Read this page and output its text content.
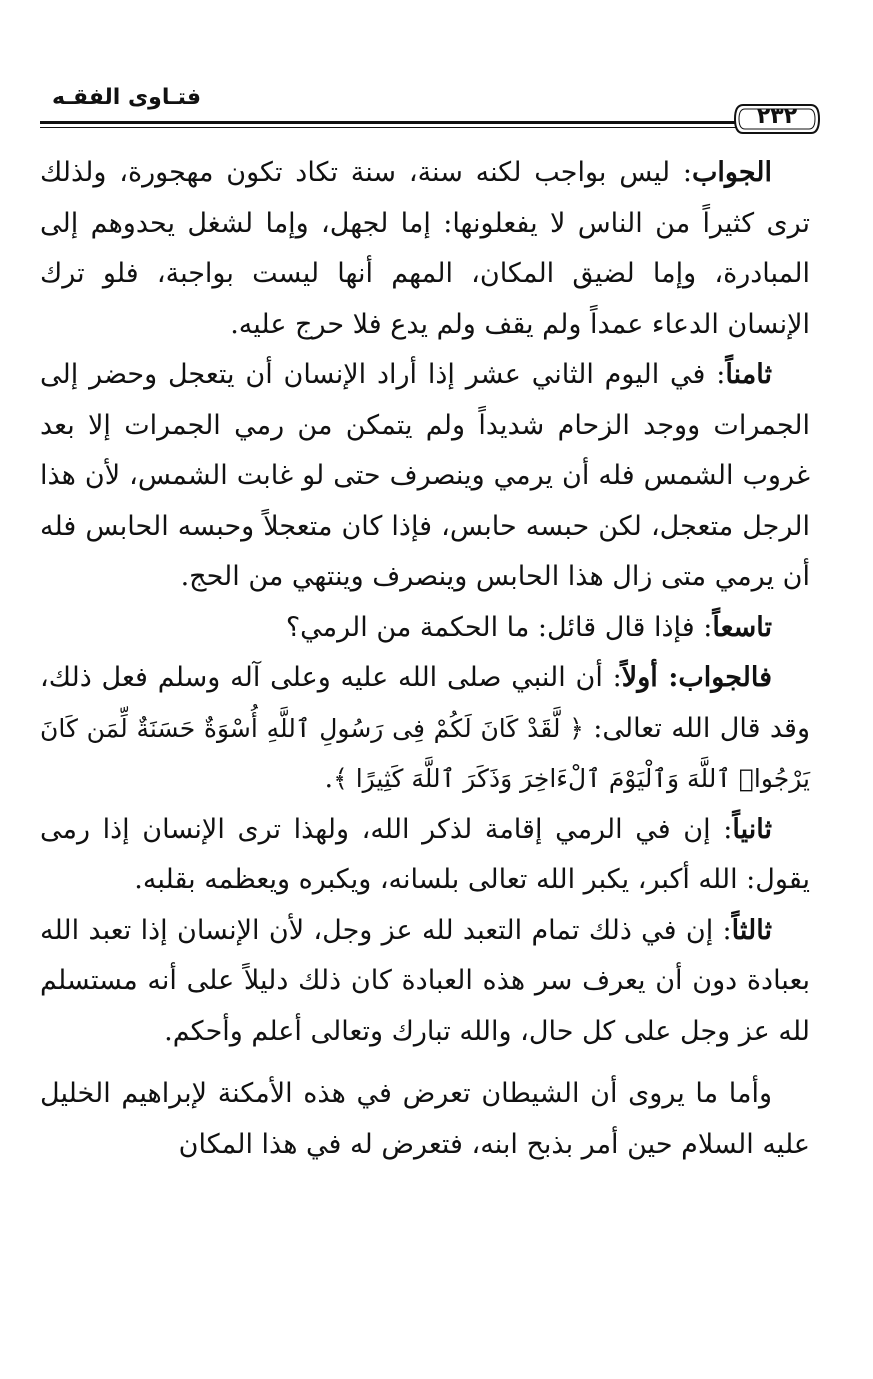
فتـاوى الفقـه
٢٣٢

الجواب: ليس بواجب لكنه سنة، سنة تكاد تكون مهجورة، ولذلك ترى كثيراً من الناس لا يفعلونها: إما لجهل، وإما لشغل يحدوهم إلى المبادرة، وإما لضيق المكان، المهم أنها ليست بواجبة، فلو ترك الإنسان الدعاء عمداً ولم يقف ولم يدع فلا حرج عليه.

ثامناً: في اليوم الثاني عشر إذا أراد الإنسان أن يتعجل وحضر إلى الجمرات ووجد الزحام شديداً ولم يتمكن من رمي الجمرات إلا بعد غروب الشمس فله أن يرمي وينصرف حتى لو غابت الشمس، لأن هذا الرجل متعجل، لكن حبسه حابس، فإذا كان متعجلاً وحبسه الحابس فله أن يرمي متى زال هذا الحابس وينصرف وينتهي من الحج.

تاسعاً: فإذا قال قائل: ما الحكمة من الرمي؟

فالجواب: أولاً: أن النبي صلى الله عليه وعلى آله وسلم فعل ذلك، وقد قال الله تعالى: ﴿ لَّقَدْ كَانَ لَكُمْ فِى رَسُولِ ٱللَّهِ أُسْوَةٌ حَسَنَةٌ لِّمَن كَانَ يَرْجُوا۟ ٱللَّهَ وَٱلْيَوْمَ ٱلْءَاخِرَ وَذَكَرَ ٱللَّهَ كَثِيرًا ﴾.

ثانياً: إن في الرمي إقامة لذكر الله، ولهذا ترى الإنسان إذا رمى يقول: الله أكبر، يكبر الله تعالى بلسانه، ويكبره ويعظمه بقلبه.

ثالثاً: إن في ذلك تمام التعبد لله عز وجل، لأن الإنسان إذا تعبد الله بعبادة دون أن يعرف سر هذه العبادة كان ذلك دليلاً على أنه مستسلم لله عز وجل على كل حال، والله تبارك وتعالى أعلم وأحكم.

وأما ما يروى أن الشيطان تعرض في هذه الأمكنة لإبراهيم الخليل عليه السلام حين أمر بذبح ابنه، فتعرض له في هذا المكان
